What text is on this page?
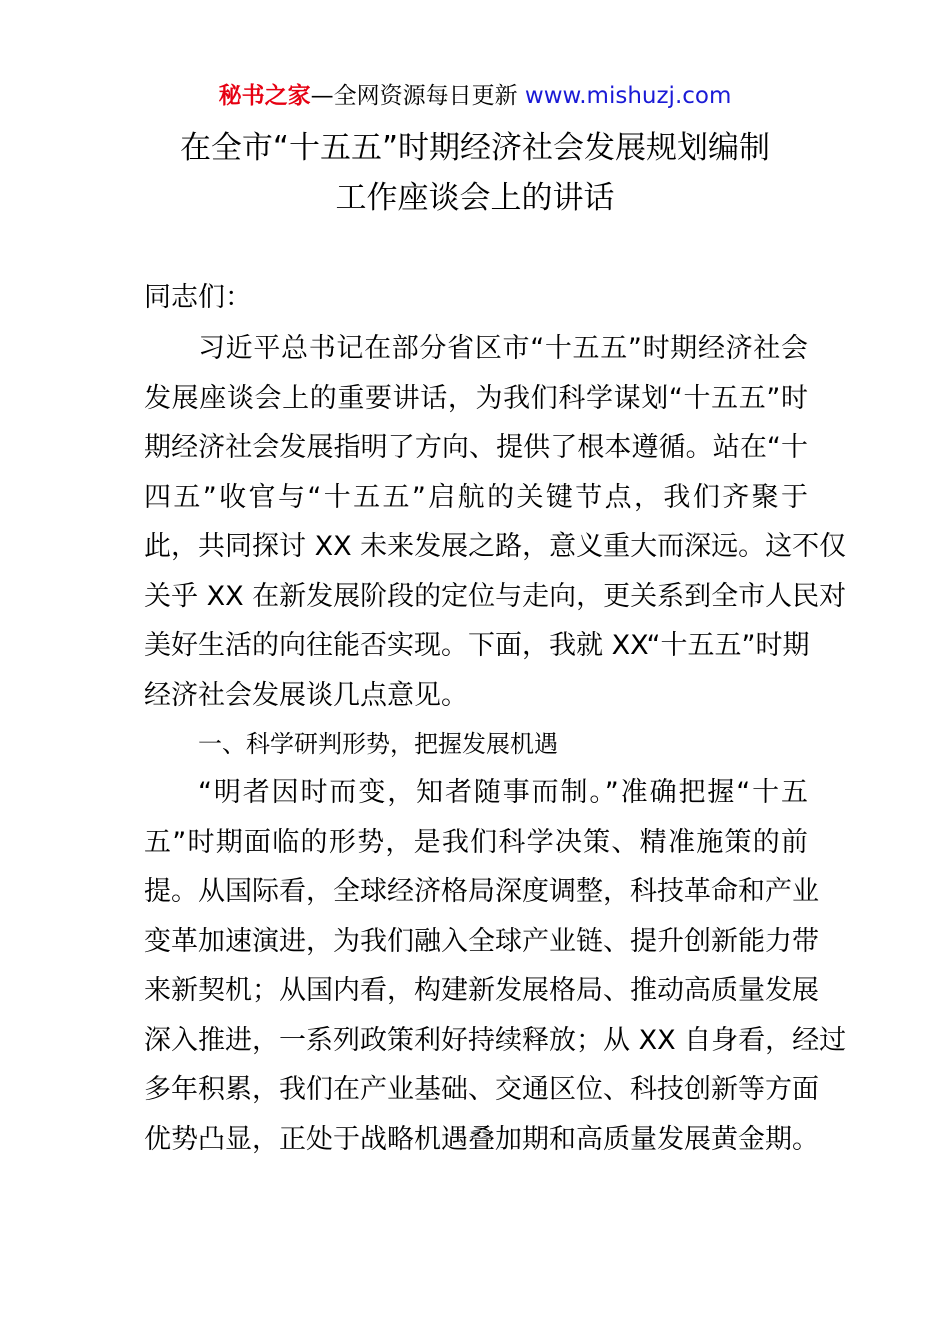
秘书之家—全网资源每日更新 www.mishuzj.com
在全市“十五五”时期经济社会发展规划编制
工作座谈会上的讲话
同志们：
习近平总书记在部分省区市“十五五”时期经济社会
发展座谈会上的重要讲话，为我们科学谋划“十五五”时
期经济社会发展指明了方向、提供了根本遵循。站在“十
四五”收官与“十五五”启航的关键节点，我们齐聚于
此，共同探讨 XX 未来发展之路，意义重大而深远。这不仅
关乎 XX 在新发展阶段的定位与走向，更关系到全市人民对
美好生活的向往能否实现。下面，我就 XX“十五五”时期
经济社会发展谈几点意见。
一、科学研判形势，把握发展机遇
“明者因时而变，知者随事而制。”准确把握“十五
五”时期面临的形势，是我们科学决策、精准施策的前
提。从国际看，全球经济格局深度调整，科技革命和产业
变革加速演进，为我们融入全球产业链、提升创新能力带
来新契机；从国内看，构建新发展格局、推动高质量发展
深入推进，一系列政策利好持续释放；从 XX 自身看，经过
多年积累，我们在产业基础、交通区位、科技创新等方面
优势凸显，正处于战略机遇叠加期和高质量发展黄金期。
